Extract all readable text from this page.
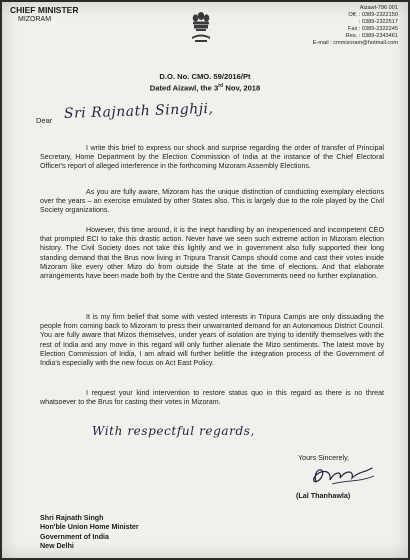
CHIEF MINISTER
MIZORAM
Aizawl-796 001
Off. : 0389-2322150
: 0389-2322517
Fax : 0389-2322245
Res. : 0389-2343461
E-mail : cmmizoram@hotmail.com
D.O. No. CMO. 59/2016/Pt
Dated Aizawl, the 3rd Nov, 2018
Dear Sri Rajnath Singhji,

I write this brief to express our shock and surprise regarding the order of transfer of Principal Secretary, Home Department by the Election Commission of India at the instance of the Chief Electoral Officer's report of alleged interference in the forthcoming Mizoram Assembly Elections.

As you are fully aware, Mizoram has the unique distinction of conducting exemplary elections over the years – an exercise emulated by other States also. This is largely due to the role played by the Civil Society organizations.

However, this time around, it is the inept handling by an inexperienced and incompetent CEO that prompted ECI to take this drastic action. Never have we seen such extreme action in Mizoram election history. The Civil Society does not take this lightly and we in government also fully supported their long standing demand that the Brus now living in Tripura Transit Camps should come and cast their votes inside Mizoram like every other Mizo do from outside the State at the time of elections. And that elaborate arrangements have been made both by the Centre and the State Governments need no further explanation.

It is my firm belief that some with vested interests in Tripura Camps are only dissuading the people from coming back to Mizoram to press their unwarranted demand for an Autonomous District Council. You are fully aware that Mizos themselves, under years of isolation are trying to identify themselves with the rest of India and any move in this regard will only further alienate the Mizo sentiments. The latest move by Election Commission of India, I am afraid will further belittle the integration process of the Government of India's especially with the new focus on Act East Policy.

I request your kind intervention to restore status quo in this regard as there is no threat whatsoever to the Brus for casting their votes in Mizoram.

With respectful regards,
Yours Sincerely,
(Lal Thanhawla)
Shri Rajnath Singh
Hon'ble Union Home Minister
Government of India
New Delhi
